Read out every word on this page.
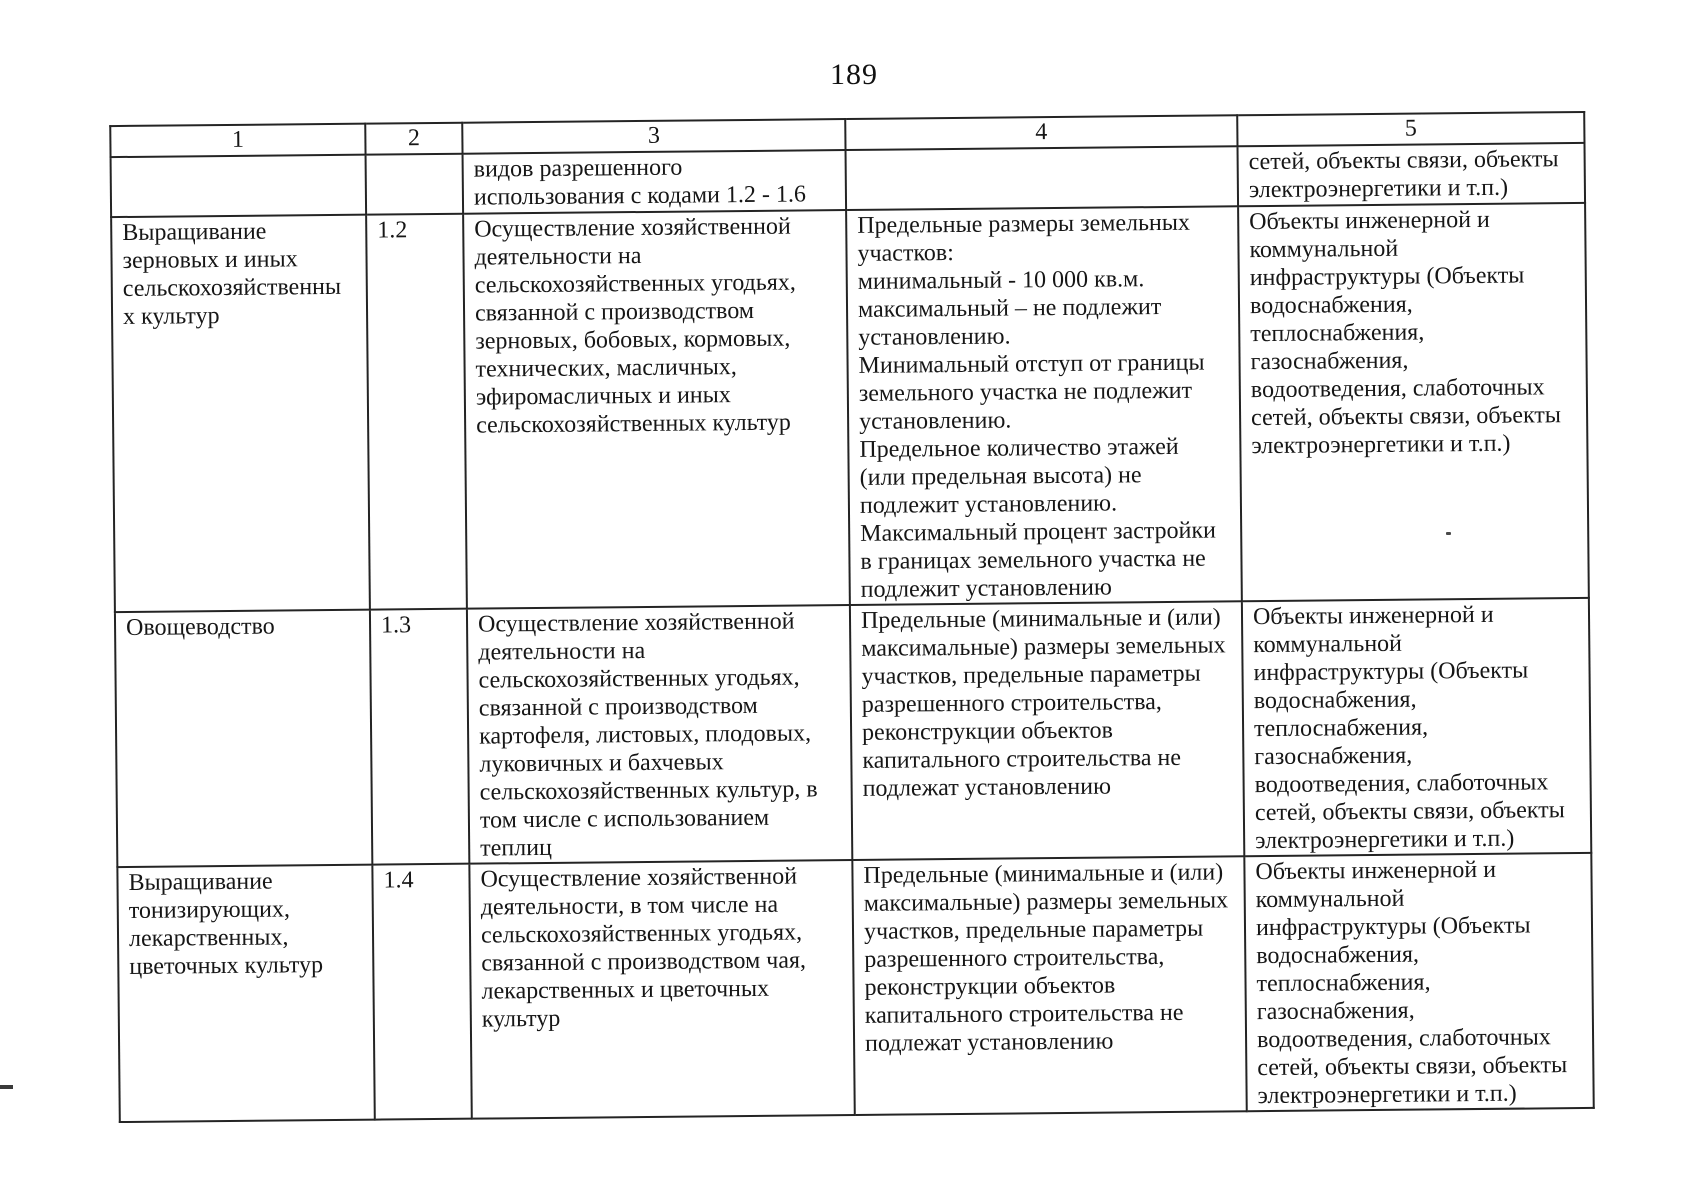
189
1	2	3	4	5
		видов разрешенного
использования с кодами 1.2 - 1.6		сетей, объекты связи, объекты
электроэнергетики и т.п.)
Выращивание
зерновых и иных
сельскохозяйственны
х культур	1.2	Осуществление хозяйственной
деятельности на
сельскохозяйственных угодьях,
связанной с производством
зерновых, бобовых, кормовых,
технических, масличных,
эфиромасличных и иных
сельскохозяйственных культур	Предельные размеры земельных
участков:
минимальный - 10 000 кв.м.
максимальный – не подлежит
установлению.
Минимальный отступ от границы
земельного участка не подлежит
установлению.
Предельное количество этажей
(или предельная высота) не
подлежит установлению.
Максимальный процент застройки
в границах земельного участка не
подлежит установлению	Объекты инженерной и
коммунальной
инфраструктуры (Объекты
водоснабжения,
теплоснабжения,
газоснабжения,
водоотведения, слаботочных
сетей, объекты связи, объекты
электроэнергетики и т.п.)
Овощеводство	1.3	Осуществление хозяйственной
деятельности на
сельскохозяйственных угодьях,
связанной с производством
картофеля, листовых, плодовых,
луковичных и бахчевых
сельскохозяйственных культур, в
том числе с использованием
теплиц	Предельные (минимальные и (или)
максимальные) размеры земельных
участков, предельные параметры
разрешенного строительства,
реконструкции объектов
капитального строительства не
подлежат установлению	Объекты инженерной и
коммунальной
инфраструктуры (Объекты
водоснабжения,
теплоснабжения,
газоснабжения,
водоотведения, слаботочных
сетей, объекты связи, объекты
электроэнергетики и т.п.)
Выращивание
тонизирующих,
лекарственных,
цветочных культур	1.4	Осуществление хозяйственной
деятельности, в том числе на
сельскохозяйственных угодьях,
связанной с производством чая,
лекарственных и цветочных
культур	Предельные (минимальные и (или)
максимальные) размеры земельных
участков, предельные параметры
разрешенного строительства,
реконструкции объектов
капитального строительства не
подлежат установлению	Объекты инженерной и
коммунальной
инфраструктуры (Объекты
водоснабжения,
теплоснабжения,
газоснабжения,
водоотведения, слаботочных
сетей, объекты связи, объекты
электроэнергетики и т.п.)
